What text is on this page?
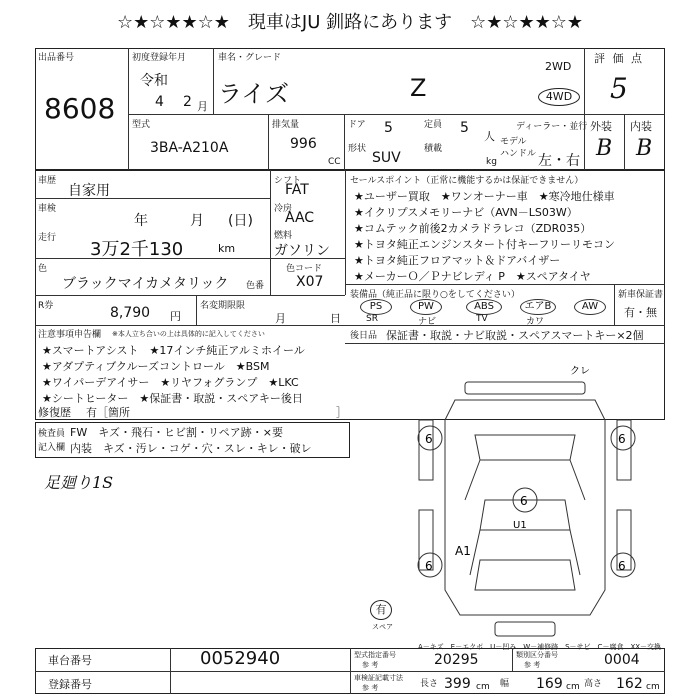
☆★☆★★☆★　現車はJU 釧路にあります　☆★☆★★☆★
出品番号
8608
初度登録年月
令和
4 2 月
車名・グレード
ライズ	Z
2WD
4WD
型式
3BA-A210A
排気量
996
CC
ドア 5
形状
SUV
定員 5
人
積載
kg
ディーラー・並行
モデル
ハンドル 左・右
評 価 点
5
外装 内装
B B
車歴
自家用
車検
年	月 (日)
走行
3万2千130	km
色
ブラックマイカメタリック
シフト
FAT
冷房
AAC
燃料
ガソリン
色コード
色番 X07
R券	8,790 円
名変期限限
月	日
注意事項申告欄 ※本人立ち合いの上は具体的に記入してください
★スマートアシスト　★17インチ純正アルミホイール
★アダプティブクルーズコントロール　★BSM
★ワイパーデアイサー　★リヤフォグランプ　★LKC
★シートヒーター　★保証書・取説・スペアキー後日
修復歴 有［箇所	］
セールスポイント（正常に機能するかは保証できません）
★ユーザー買取　★ワンオーナー車　★寒冷地仕様車
★イクリプスメモリーナビ（AVN－LS03W）
★コムテック前後2カメラドラレコ（ZDR035）
★トヨタ純正エンジンスタート付キーフリーリモコン
★トヨタ純正フロアマット＆ドアバイザー
★メーカーＯ／Ｐナビレディ P　★スペアタイヤ
装備品（純正品に限り○をしてください）	新車保証書
有・無
PS
SR
PW
ナビ
ABS
TV
エアB
カワ
AW
後日品 保証書・取説・ナビ取説・スペアスマートキー×2個
検査員
記入欄
FW　キズ・飛石・ヒビ割・リペア跡・×要
内装　キズ・汚レ・コゲ・穴・スレ・キレ・破レ
足廻り1S
6	6
6
6	6
A1
U1
クレ
有
スペア
A－キズ　E－エクボ　U－凹み　W－補修跡　S－サビ　C－腐食　XX－交換
車台番号	0052940
登録番号
型式指定番号
参 考	20295	類別区分番号
参 考	0004
車検証記載寸法
参 考	長さ 399 cm 幅 169 cm 高さ 162 cm
